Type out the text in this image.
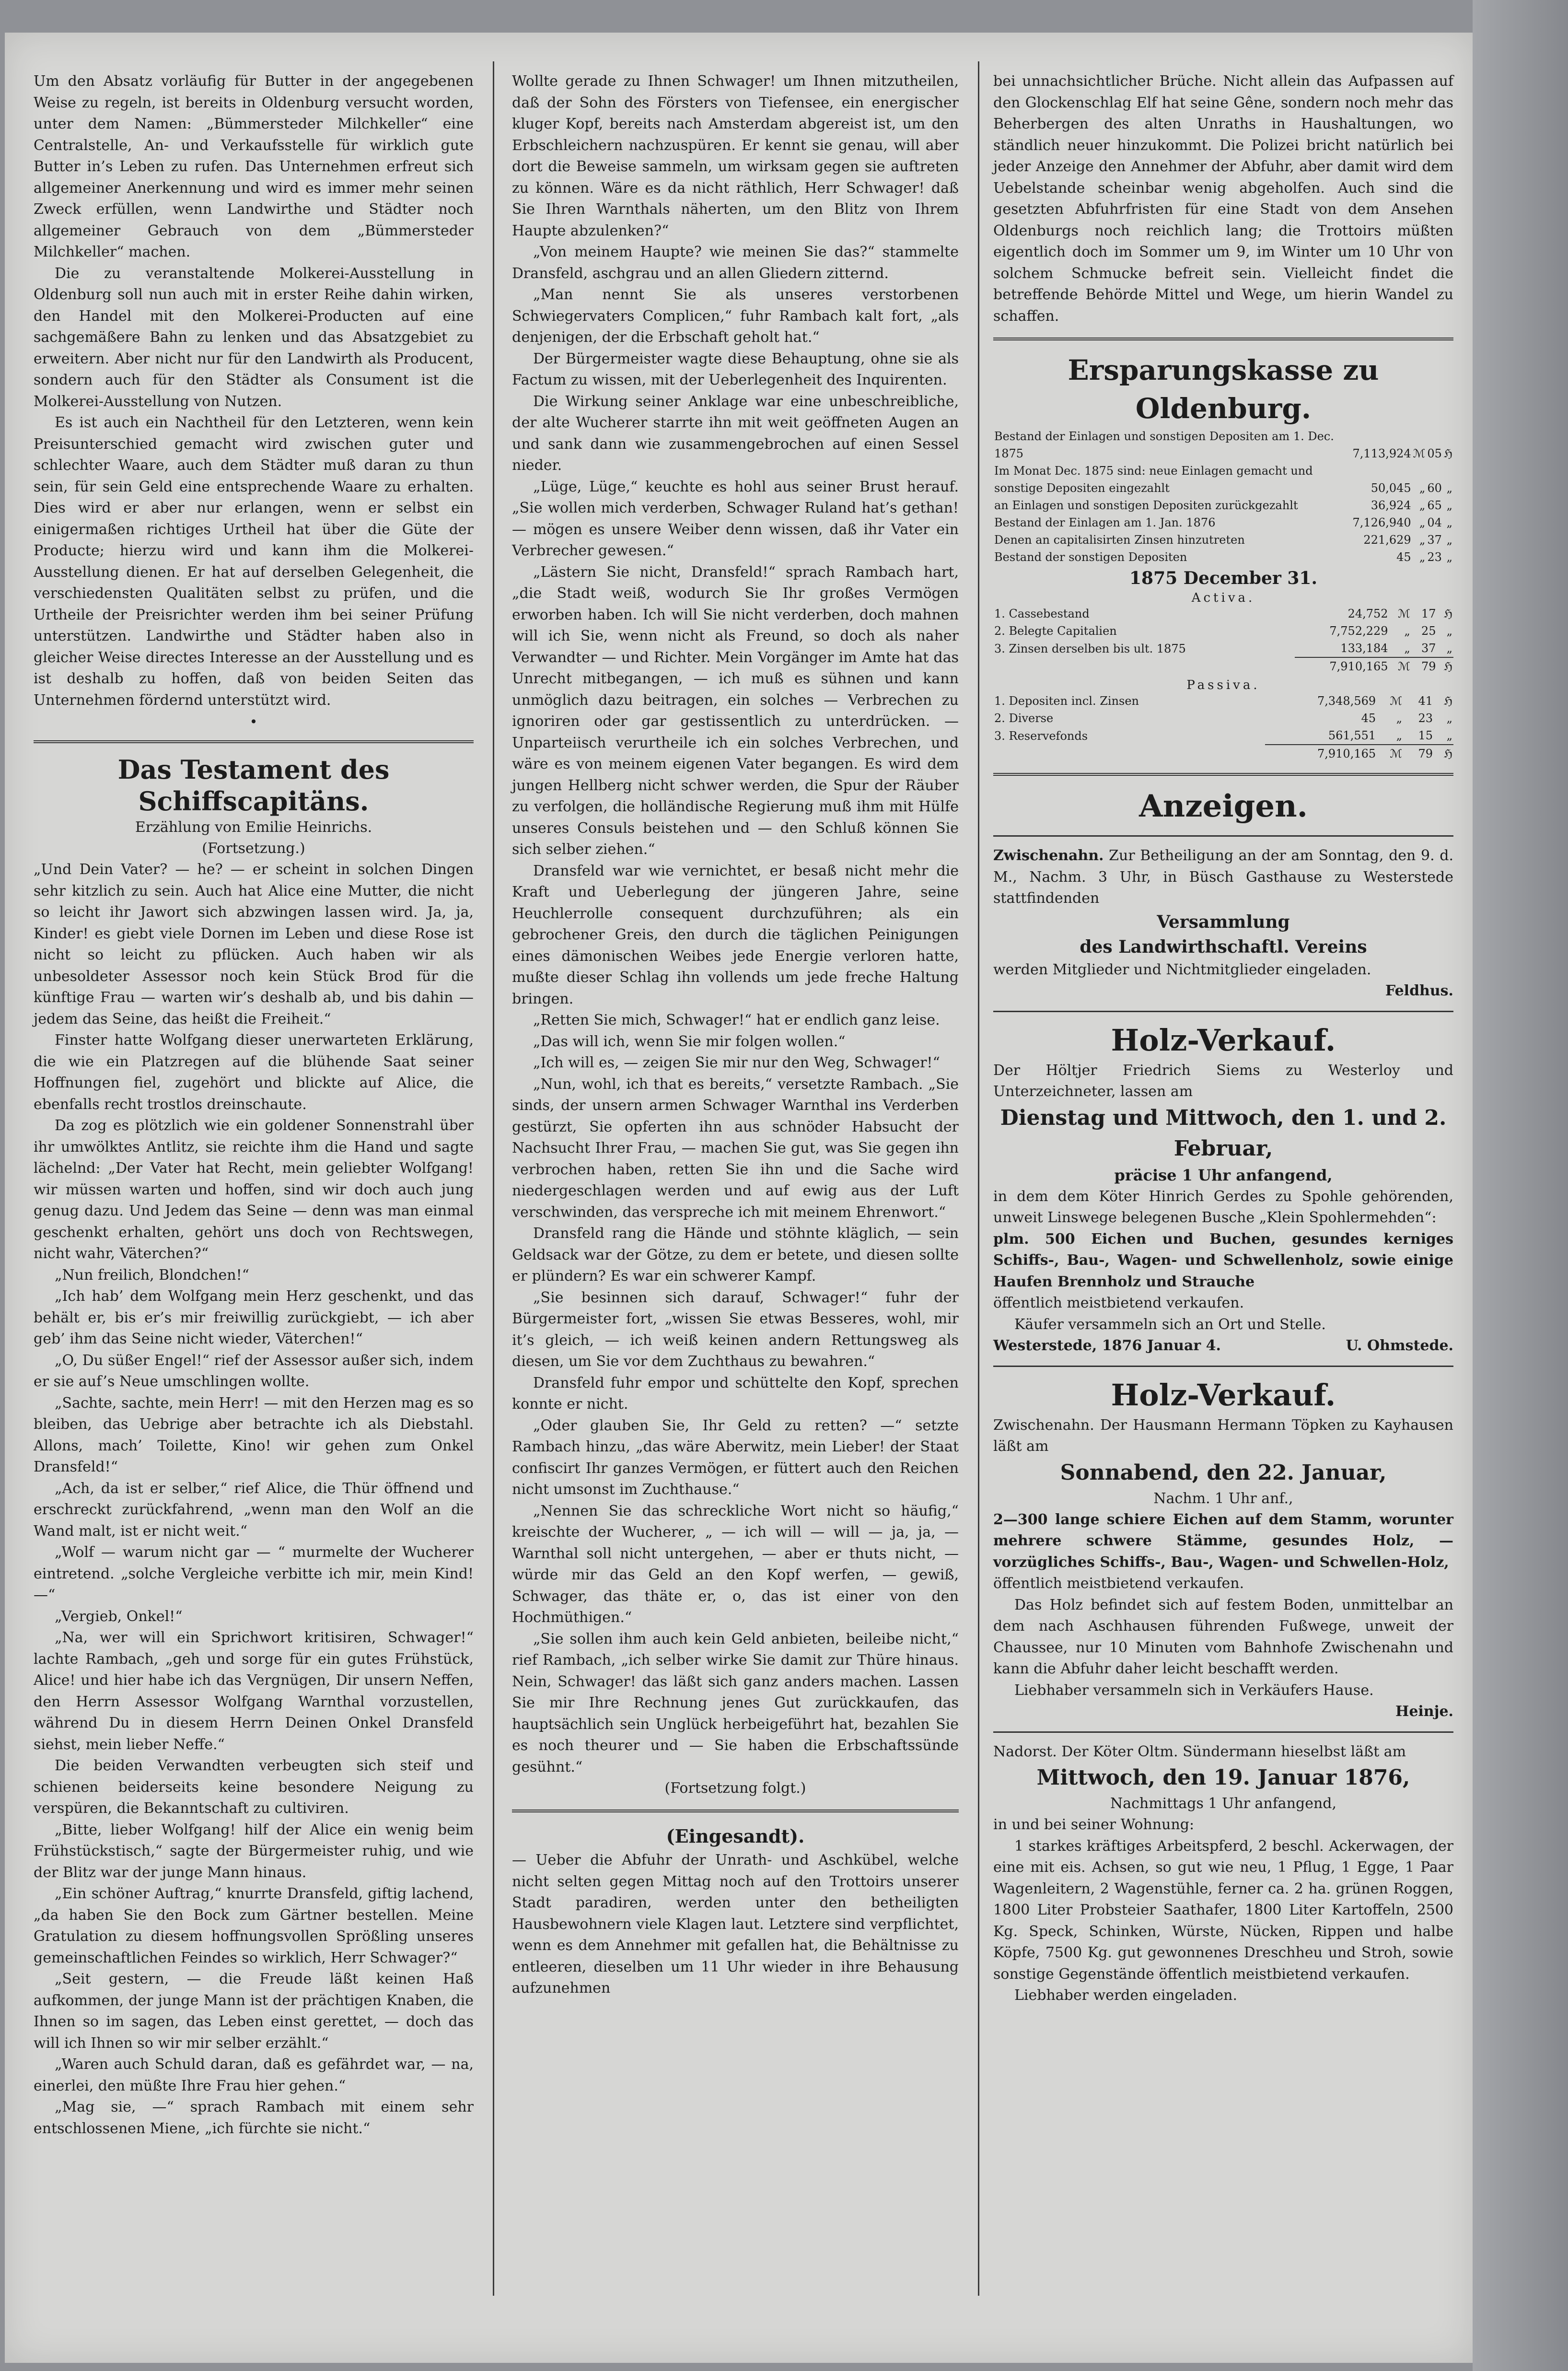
Um den Absatz vorläufig für Butter in der angegebenen Weise zu regeln, ist bereits in Oldenburg versucht worden, unter dem Namen: „Bümmersteder Milchkeller“ eine Centralstelle, An- und Verkaufsstelle für wirklich gute Butter in’s Leben zu rufen. Das Unternehmen erfreut sich allgemeiner Anerkennung und wird es immer mehr seinen Zweck erfüllen, wenn Landwirthe und Städter noch allgemeiner Gebrauch von dem „Bümmersteder Milchkeller“ machen.

Die zu veranstaltende Molkerei-Ausstellung in Oldenburg soll nun auch mit in erster Reihe dahin wirken, den Handel mit den Molkerei-Producten auf eine sachgemäßere Bahn zu lenken und das Absatzgebiet zu erweitern. Aber nicht nur für den Landwirth als Producent, sondern auch für den Städter als Consument ist die Molkerei-Ausstellung von Nutzen.

Es ist auch ein Nachtheil für den Letzteren, wenn kein Preisunterschied gemacht wird zwischen guter und schlechter Waare, auch dem Städter muß daran zu thun sein, für sein Geld eine entsprechende Waare zu erhalten. Dies wird er aber nur erlangen, wenn er selbst ein einigermaßen richtiges Urtheil hat über die Güte der Producte; hierzu wird und kann ihm die Molkerei-Ausstellung dienen. Er hat auf derselben Gelegenheit, die verschiedensten Qualitäten selbst zu prüfen, und die Urtheile der Preisrichter werden ihm bei seiner Prüfung unterstützen. Landwirthe und Städter haben also in gleicher Weise directes Interesse an der Ausstellung und es ist deshalb zu hoffen, daß von beiden Seiten das Unternehmen fördernd unterstützt wird.

•
Das Testament des Schiffscapitäns.
Erzählung von Emilie Heinrichs.
(Fortsetzung.)

„Und Dein Vater? — he? — er scheint in solchen Dingen sehr kitzlich zu sein. Auch hat Alice eine Mutter, die nicht so leicht ihr Jawort sich abzwingen lassen wird. Ja, ja, Kinder! es giebt viele Dornen im Leben und diese Rose ist nicht so leicht zu pflücken. Auch haben wir als unbesoldeter Assessor noch kein Stück Brod für die künftige Frau — warten wir’s deshalb ab, und bis dahin — jedem das Seine, das heißt die Freiheit.“

Finster hatte Wolfgang dieser unerwarteten Erklärung, die wie ein Platzregen auf die blühende Saat seiner Hoffnungen fiel, zugehört und blickte auf Alice, die ebenfalls recht trostlos dreinschaute.

Da zog es plötzlich wie ein goldener Sonnenstrahl über ihr umwölktes Antlitz, sie reichte ihm die Hand und sagte lächelnd: „Der Vater hat Recht, mein geliebter Wolfgang! wir müssen warten und hoffen, sind wir doch auch jung genug dazu. Und Jedem das Seine — denn was man einmal geschenkt erhalten, gehört uns doch von Rechtswegen, nicht wahr, Väterchen?“

„Nun freilich, Blondchen!“

„Ich hab’ dem Wolfgang mein Herz geschenkt, und das behält er, bis er’s mir freiwillig zurückgiebt, — ich aber geb’ ihm das Seine nicht wieder, Väterchen!“

„O, Du süßer Engel!“ rief der Assessor außer sich, indem er sie auf’s Neue umschlingen wollte.

„Sachte, sachte, mein Herr! — mit den Herzen mag es so bleiben, das Uebrige aber betrachte ich als Diebstahl. Allons, mach’ Toilette, Kino! wir gehen zum Onkel Dransfeld!“

„Ach, da ist er selber,“ rief Alice, die Thür öffnend und erschreckt zurückfahrend, „wenn man den Wolf an die Wand malt, ist er nicht weit.“

„Wolf — warum nicht gar — “ murmelte der Wucherer eintretend. „solche Vergleiche verbitte ich mir, mein Kind! —“

„Vergieb, Onkel!“

„Na, wer will ein Sprichwort kritisiren, Schwager!“ lachte Rambach, „geh und sorge für ein gutes Frühstück, Alice! und hier habe ich das Vergnügen, Dir unsern Neffen, den Herrn Assessor Wolfgang Warnthal vorzustellen, während Du in diesem Herrn Deinen Onkel Dransfeld siehst, mein lieber Neffe.“

Die beiden Verwandten verbeugten sich steif und schienen beiderseits keine besondere Neigung zu verspüren, die Bekanntschaft zu cultiviren.

„Bitte, lieber Wolfgang! hilf der Alice ein wenig beim Frühstückstisch,“ sagte der Bürgermeister ruhig, und wie der Blitz war der junge Mann hinaus.

„Ein schöner Auftrag,“ knurrte Dransfeld, giftig lachend, „da haben Sie den Bock zum Gärtner bestellen. Meine Gratulation zu diesem hoffnungsvollen Sprößling unseres gemeinschaftlichen Feindes so wirklich, Herr Schwager?“

„Seit gestern, — die Freude läßt keinen Haß aufkommen, der junge Mann ist der prächtigen Knaben, die Ihnen so im sagen, das Leben einst gerettet, — doch das will ich Ihnen so wir mir selber erzählt.“

„Waren auch Schuld daran, daß es gefährdet war, — na, einerlei, den müßte Ihre Frau hier gehen.“

„Mag sie, —“ sprach Rambach mit einem sehr entschlossenen Miene, „ich fürchte sie nicht.“

Wollte gerade zu Ihnen Schwager! um Ihnen mitzutheilen, daß der Sohn des Försters von Tiefensee, ein energischer kluger Kopf, bereits nach Amsterdam abgereist ist, um den Erbschleichern nachzuspüren. Er kennt sie genau, will aber dort die Beweise sammeln, um wirksam gegen sie auftreten zu können. Wäre es da nicht räthlich, Herr Schwager! daß Sie Ihren Warnthals näherten, um den Blitz von Ihrem Haupte abzulenken?“

„Von meinem Haupte? wie meinen Sie das?“ stammelte Dransfeld, aschgrau und an allen Gliedern zitternd.

„Man nennt Sie als unseres verstorbenen Schwiegervaters Complicen,“ fuhr Rambach kalt fort, „als denjenigen, der die Erbschaft geholt hat.“

Der Bürgermeister wagte diese Behauptung, ohne sie als Factum zu wissen, mit der Ueberlegenheit des Inquirenten.

Die Wirkung seiner Anklage war eine unbeschreibliche, der alte Wucherer starrte ihn mit weit geöffneten Augen an und sank dann wie zusammengebrochen auf einen Sessel nieder.

„Lüge, Lüge,“ keuchte es hohl aus seiner Brust herauf. „Sie wollen mich verderben, Schwager Ruland hat’s gethan! — mögen es unsere Weiber denn wissen, daß ihr Vater ein Verbrecher gewesen.“

„Lästern Sie nicht, Dransfeld!“ sprach Rambach hart, „die Stadt weiß, wodurch Sie Ihr großes Vermögen erworben haben. Ich will Sie nicht verderben, doch mahnen will ich Sie, wenn nicht als Freund, so doch als naher Verwandter — und Richter. Mein Vorgänger im Amte hat das Unrecht mitbegangen, — ich muß es sühnen und kann unmöglich dazu beitragen, ein solches — Verbrechen zu ignoriren oder gar gestissentlich zu unterdrücken. — Unparteiisch verurtheile ich ein solches Verbrechen, und wäre es von meinem eigenen Vater begangen. Es wird dem jungen Hellberg nicht schwer werden, die Spur der Räuber zu verfolgen, die holländische Regierung muß ihm mit Hülfe unseres Consuls beistehen und — den Schluß können Sie sich selber ziehen.“

Dransfeld war wie vernichtet, er besaß nicht mehr die Kraft und Ueberlegung der jüngeren Jahre, seine Heuchlerrolle consequent durchzuführen; als ein gebrochener Greis, den durch die täglichen Peinigungen eines dämonischen Weibes jede Energie verloren hatte, mußte dieser Schlag ihn vollends um jede freche Haltung bringen.

„Retten Sie mich, Schwager!“ hat er endlich ganz leise.

„Das will ich, wenn Sie mir folgen wollen.“

„Ich will es, — zeigen Sie mir nur den Weg, Schwager!“

„Nun, wohl, ich that es bereits,“ versetzte Rambach. „Sie sinds, der unsern armen Schwager Warnthal ins Verderben gestürzt, Sie opferten ihn aus schnöder Habsucht der Nachsucht Ihrer Frau, — machen Sie gut, was Sie gegen ihn verbrochen haben, retten Sie ihn und die Sache wird niedergeschlagen werden und auf ewig aus der Luft verschwinden, das verspreche ich mit meinem Ehrenwort.“

Dransfeld rang die Hände und stöhnte kläglich, — sein Geldsack war der Götze, zu dem er betete, und diesen sollte er plündern? Es war ein schwerer Kampf.

„Sie besinnen sich darauf, Schwager!“ fuhr der Bürgermeister fort, „wissen Sie etwas Besseres, wohl, mir it’s gleich, — ich weiß keinen andern Rettungsweg als diesen, um Sie vor dem Zuchthaus zu bewahren.“

Dransfeld fuhr empor und schüttelte den Kopf, sprechen konnte er nicht.

„Oder glauben Sie, Ihr Geld zu retten? —“ setzte Rambach hinzu, „das wäre Aberwitz, mein Lieber! der Staat confiscirt Ihr ganzes Vermögen, er füttert auch den Reichen nicht umsonst im Zuchthause.“

„Nennen Sie das schreckliche Wort nicht so häufig,“ kreischte der Wucherer, „ — ich will — will — ja, ja, — Warnthal soll nicht untergehen, — aber er thuts nicht, — würde mir das Geld an den Kopf werfen, — gewiß, Schwager, das thäte er, o, das ist einer von den Hochmüthigen.“

„Sie sollen ihm auch kein Geld anbieten, beileibe nicht,“ rief Rambach, „ich selber wirke Sie damit zur Thüre hinaus. Nein, Schwager! das läßt sich ganz anders machen. Lassen Sie mir Ihre Rechnung jenes Gut zurückkaufen, das hauptsächlich sein Unglück herbeigeführt hat, bezahlen Sie es noch theurer und — Sie haben die Erbschaftssünde gesühnt.“

(Fortsetzung folgt.)
(Eingesandt).

— Ueber die Abfuhr der Unrath- und Aschkübel, welche nicht selten gegen Mittag noch auf den Trottoirs unserer Stadt paradiren, werden unter den betheiligten Hausbewohnern viele Klagen laut. Letztere sind verpflichtet, wenn es dem Annehmer mit gefallen hat, die Behältnisse zu entleeren, dieselben um 11 Uhr wieder in ihre Behausung aufzunehmen

bei unnachsichtlicher Brüche. Nicht allein das Aufpassen auf den Glockenschlag Elf hat seine Gêne, sondern noch mehr das Beherbergen des alten Unraths in Haushaltungen, wo ständlich neuer hinzukommt. Die Polizei bricht natürlich bei jeder Anzeige den Annehmer der Abfuhr, aber damit wird dem Uebelstande scheinbar wenig abgeholfen. Auch sind die gesetzten Abfuhrfristen für eine Stadt von dem Ansehen Oldenburgs noch reichlich lang; die Trottoirs müßten eigentlich doch im Sommer um 9, im Winter um 10 Uhr von solchem Schmucke befreit sein. Vielleicht findet die betreffende Behörde Mittel und Wege, um hierin Wandel zu schaffen.

Ersparungskasse zu Oldenburg.
Bestand der Einlagen und sonstigen Depositen am 1. Dec. 1875	7,113,924	ℳ	05	ℌ
Im Monat Dec. 1875 sind: neue Einlagen gemacht und sonstige Depositen eingezahlt	50,045	„	60	„
an Einlagen und sonstigen Depositen zurückgezahlt	36,924	„	65	„
Bestand der Einlagen am 1. Jan. 1876	7,126,940	„	04	„
Denen an capitalisirten Zinsen hinzutreten	221,629	„	37	„
Bestand der sonstigen Depositen	45	„	23	„
1875 December 31.
Activa.
1. Cassebestand	24,752	ℳ	17	ℌ
2. Belegte Capitalien	7,752,229	„	25	„
3. Zinsen derselben bis ult. 1875	133,184	„	37	„
	7,910,165	ℳ	79	ℌ
Passiva.
1. Depositen incl. Zinsen	7,348,569	ℳ	41	ℌ
2. Diverse	45	„	23	„
3. Reservefonds	561,551	„	15	„
	7,910,165	ℳ	79	ℌ
Anzeigen.

Zwischenahn. Zur Betheiligung an der am Sonntag, den 9. d. M., Nachm. 3 Uhr, in Büsch Gasthause zu Westerstede stattfindenden

Versammlung
des Landwirthschaftl. Vereins

werden Mitglieder und Nichtmitglieder eingeladen.

Feldhus.

Holz-Verkauf.

Der Höltjer Friedrich Siems zu Westerloy und Unterzeichneter, lassen am

Dienstag und Mittwoch, den 1. und 2. Februar,
präcise 1 Uhr anfangend,

in dem dem Köter Hinrich Gerdes zu Spohle gehörenden, unweit Linswege belegenen Busche „Klein Spohlermehden“:

plm. 500 Eichen und Buchen, gesundes kerniges Schiffs-, Bau-, Wagen- und Schwellenholz, sowie einige Haufen Brennholz und Strauche

öffentlich meistbietend verkaufen.

Käufer versammeln sich an Ort und Stelle.

Westerstede, 1876 Januar 4.	U. Ohmstede.

Holz-Verkauf.

Zwischenahn. Der Hausmann Hermann Töpken zu Kayhausen läßt am

Sonnabend, den 22. Januar,
Nachm. 1 Uhr anf.,

2—300 lange schiere Eichen auf dem Stamm, worunter mehrere schwere Stämme, gesundes Holz, — vorzügliches Schiffs-, Bau-, Wagen- und Schwellen-Holz,

öffentlich meistbietend verkaufen.

Das Holz befindet sich auf festem Boden, unmittelbar an dem nach Aschhausen führenden Fußwege, unweit der Chaussee, nur 10 Minuten vom Bahnhofe Zwischenahn und kann die Abfuhr daher leicht beschafft werden.

Liebhaber versammeln sich in Verkäufers Hause.

Heinje.

Nadorst. Der Köter Oltm. Sündermann hieselbst läßt am

Mittwoch, den 19. Januar 1876,
Nachmittags 1 Uhr anfangend,

in und bei seiner Wohnung:

1 starkes kräftiges Arbeitspferd, 2 beschl. Ackerwagen, der eine mit eis. Achsen, so gut wie neu, 1 Pflug, 1 Egge, 1 Paar Wagenleitern, 2 Wagenstühle, ferner ca. 2 ha. grünen Roggen, 1800 Liter Probsteier Saathafer, 1800 Liter Kartoffeln, 2500 Kg. Speck, Schinken, Würste, Nücken, Rippen und halbe Köpfe, 7500 Kg. gut gewonnenes Dreschheu und Stroh, sowie sonstige Gegenstände öffentlich meistbietend verkaufen.

Liebhaber werden eingeladen.
